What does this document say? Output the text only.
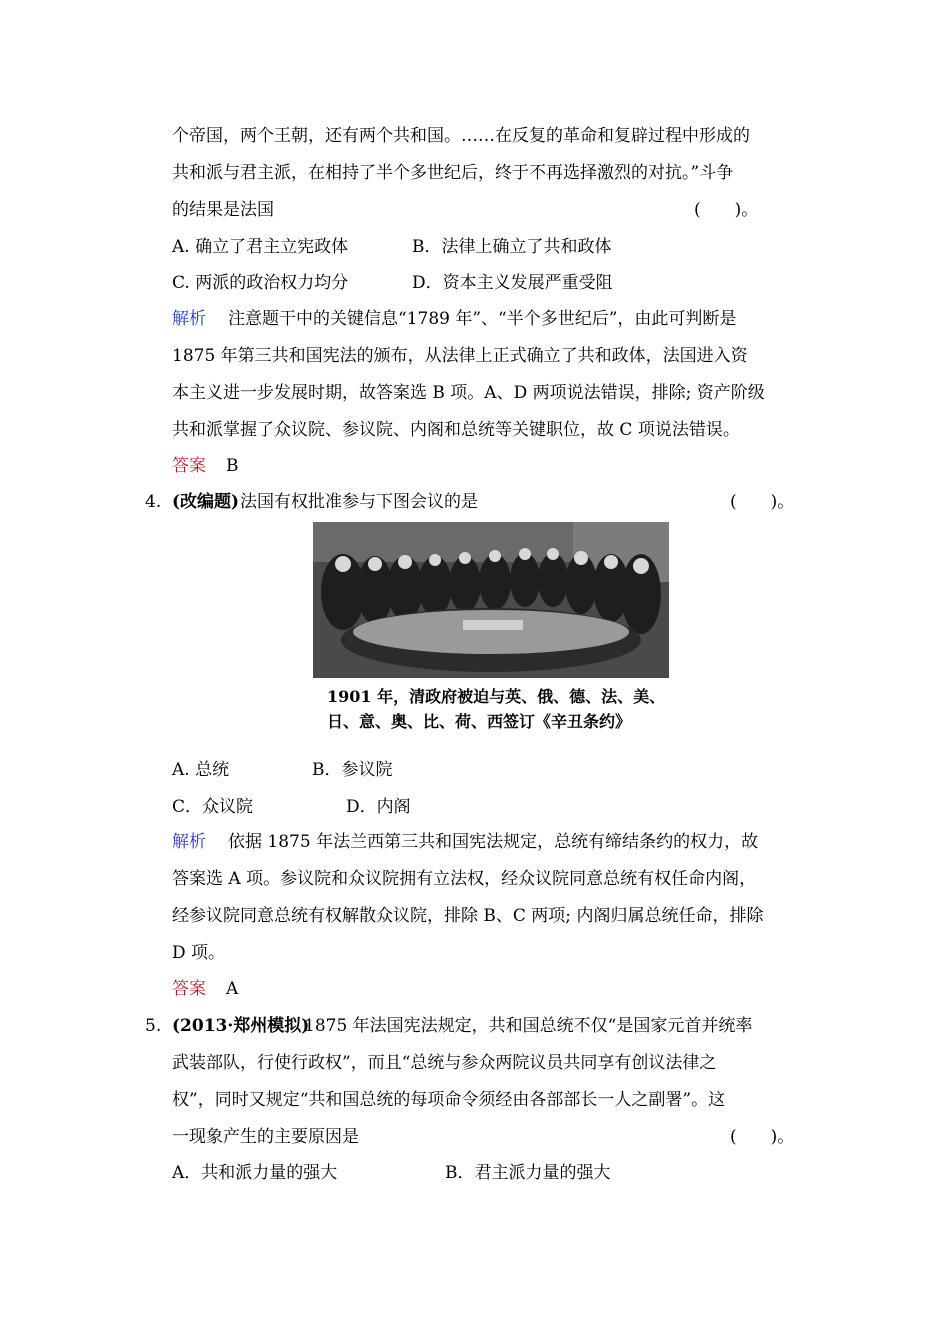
个帝国，两个王朝，还有两个共和国。……在反复的革命和复辟过程中形成的
共和派与君主派，在相持了半个多世纪后，终于不再选择激烈的对抗。”斗争
的结果是法国	(　　)。
A. 确立了君主立宪政体	B．法律上确立了共和政体
C. 两派的政治权力均分	D．资本主义发展严重受阻
解析 注意题干中的关键信息“1789 年”、“半个多世纪后”，由此可判断是
1875 年第三共和国宪法的颁布，从法律上正式确立了共和政体，法国进入资
本主义进一步发展时期，故答案选 B 项。A、D 两项说法错误，排除; 资产阶级
共和派掌握了众议院、参议院、内阁和总统等关键职位，故 C 项说法错误。
答案 B
4. (改编题) 法国有权批准参与下图会议的是	(　　)。
1901 年，清政府被迫与英、俄、德、法、美、
日、意、奥、比、荷、西签订《辛丑条约》
A. 总统	B．参议院
C．众议院	D．内阁
解析 依据 1875 年法兰西第三共和国宪法规定，总统有缔结条约的权力，故
答案选 A 项。参议院和众议院拥有立法权，经众议院同意总统有权任命内阁，
经参议院同意总统有权解散众议院，排除 B、C 两项; 内阁归属总统任命，排除
D 项。
答案 A
5. (2013·郑州模拟)
1875 年法国宪法规定，共和国总统不仅“是国家元首并统率
武装部队，行使行政权”，而且“总统与参众两院议员共同享有创议法律之
权”，同时又规定“共和国总统的每项命令须经由各部部长一人之副署”。这
一现象产生的主要原因是	(　　)。
A．共和派力量的强大	B．君主派力量的强大
